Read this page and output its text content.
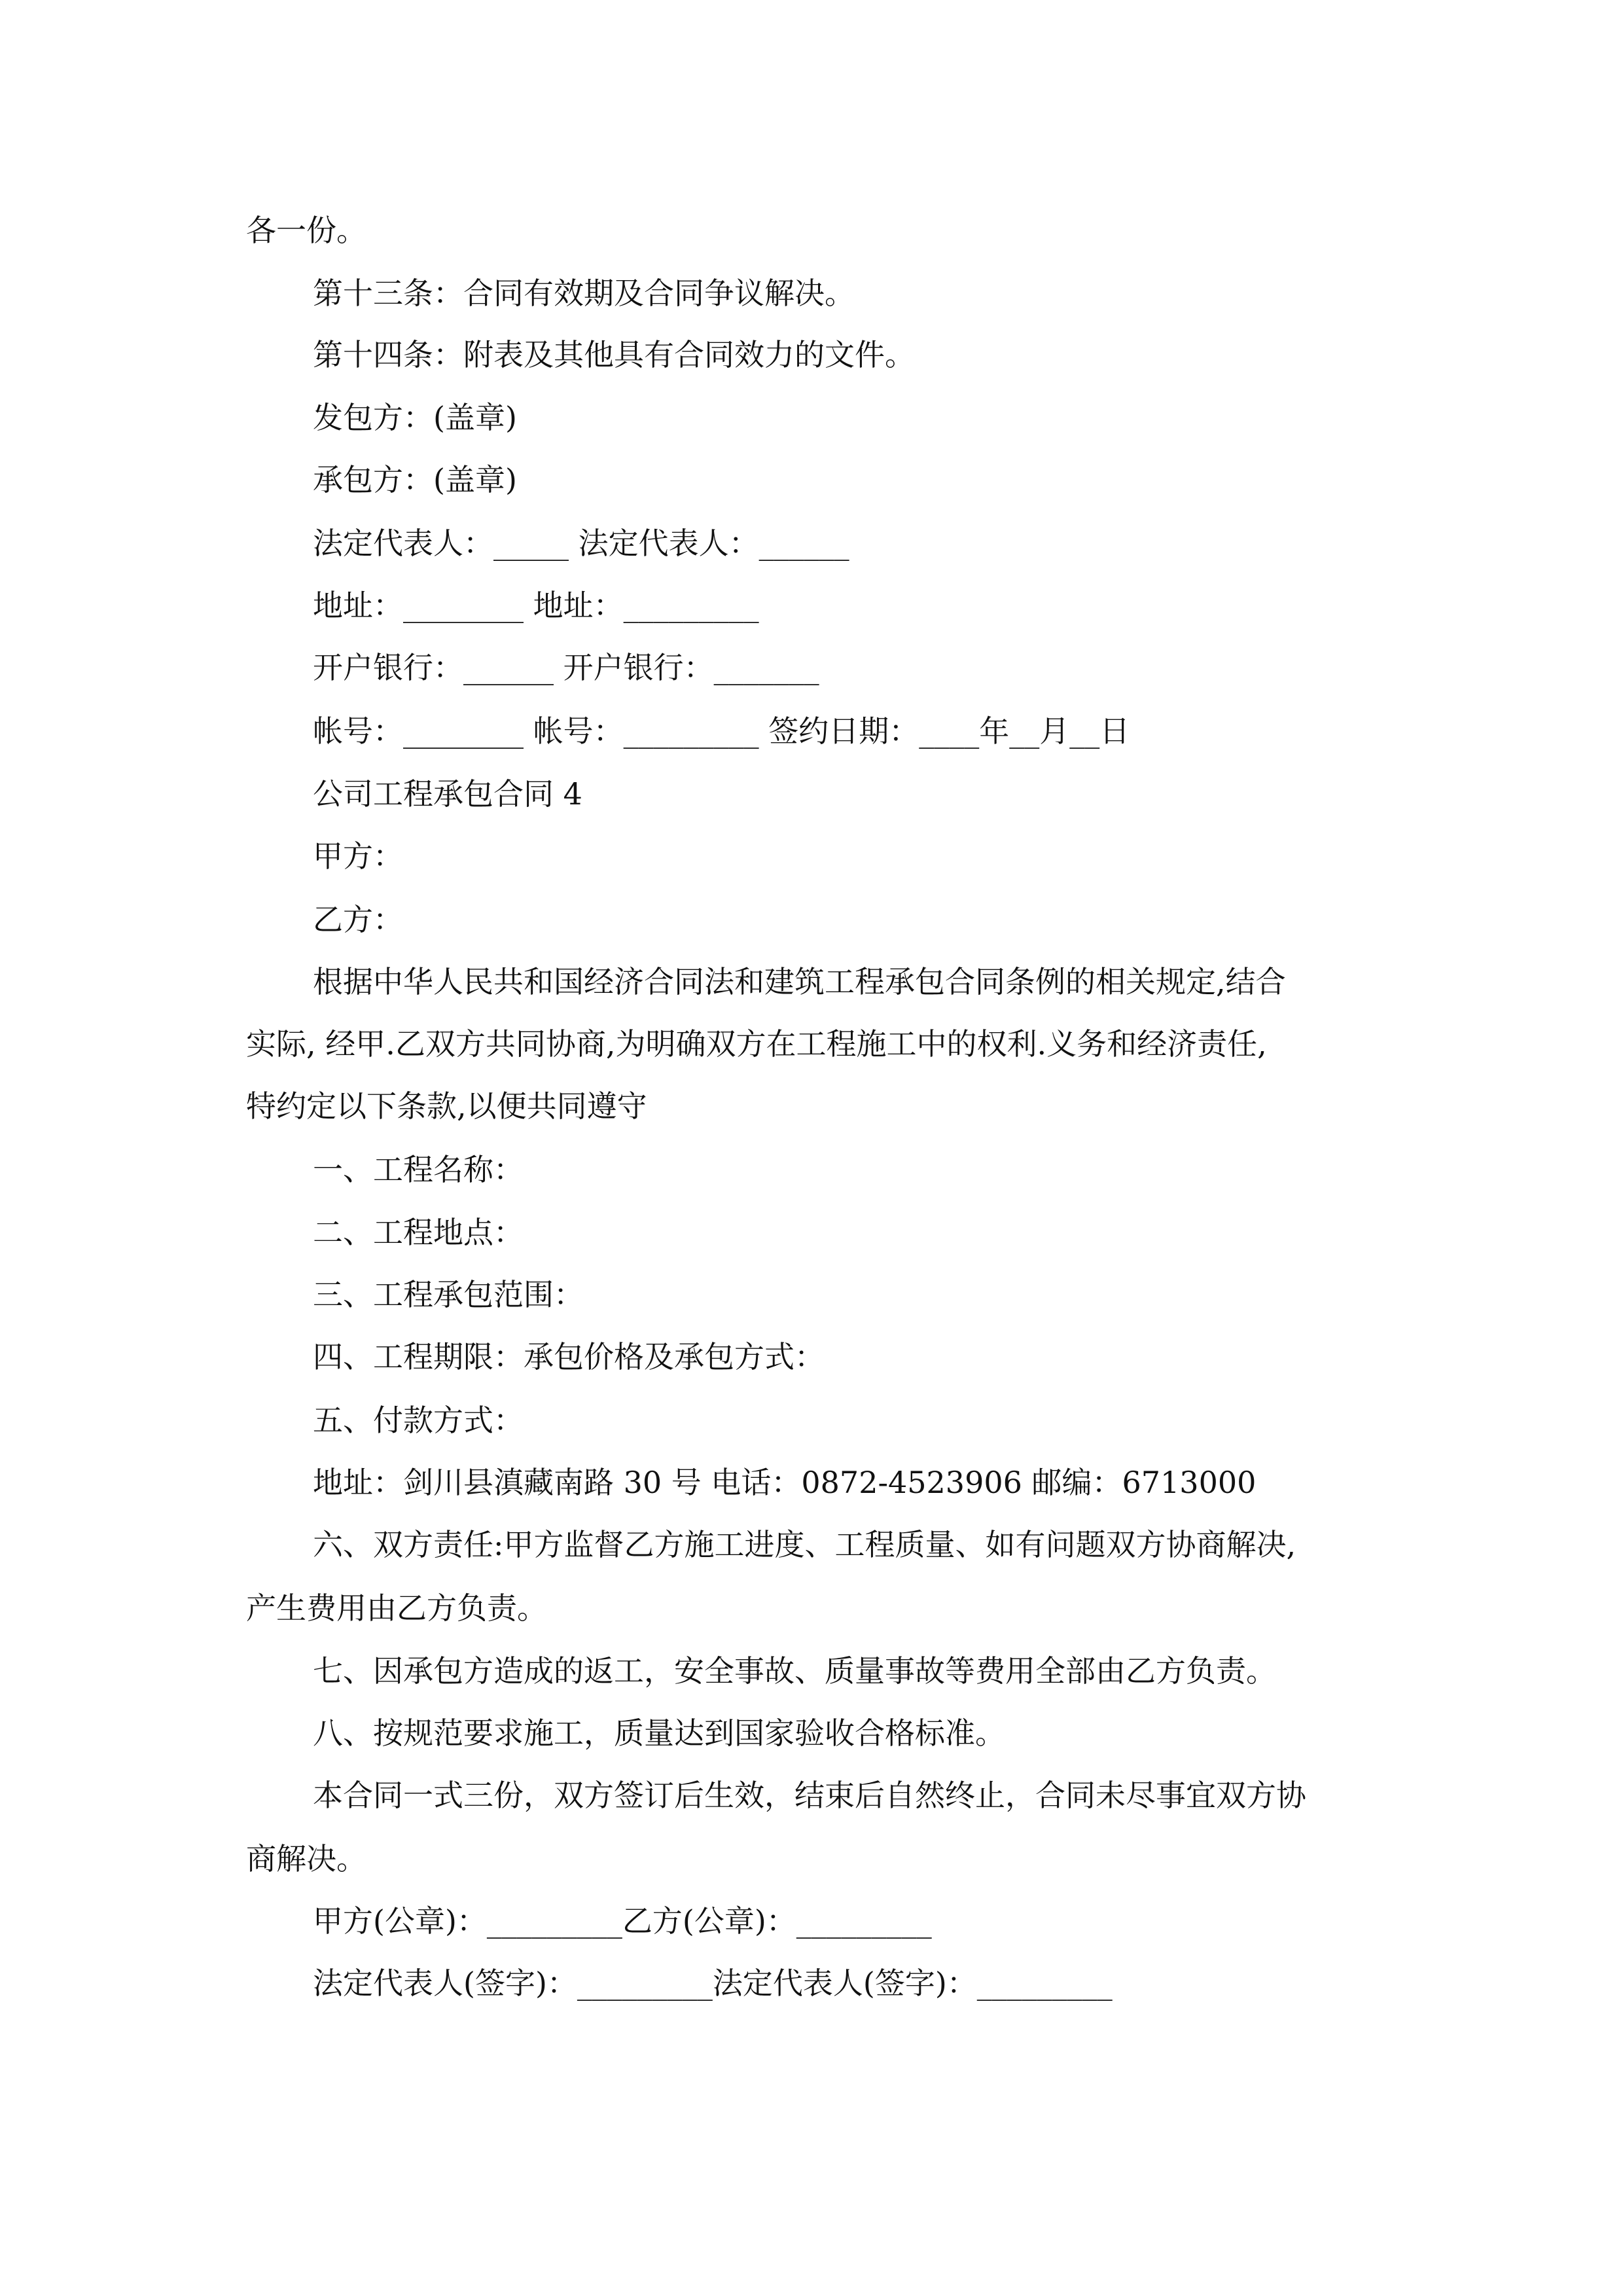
各一份。
第十三条：合同有效期及合同争议解决。
第十四条：附表及其他具有合同效力的文件。
发包方：(盖章)
承包方：(盖章)
法定代表人：_____ 法定代表人：______
地址：________ 地址：_________
开户银行：______ 开户银行：_______
帐号：________ 帐号：_________ 签约日期：____年__月__日
公司工程承包合同 4
甲方：
乙方：
根据中华人民共和国经济合同法和建筑工程承包合同条例的相关规定,结合
实际, 经甲.乙双方共同协商,为明确双方在工程施工中的权利.义务和经济责任,
特约定以下条款,以便共同遵守
一、工程名称：
二、工程地点：
三、工程承包范围：
四、工程期限：承包价格及承包方式：
五、付款方式：
地址：剑川县滇藏南路 30 号 电话：0872-4523906 邮编：6713000
六、双方责任:甲方监督乙方施工进度、工程质量、如有问题双方协商解决,
产生费用由乙方负责。
七、因承包方造成的返工，安全事故、质量事故等费用全部由乙方负责。
八、按规范要求施工，质量达到国家验收合格标准。
本合同一式三份，双方签订后生效，结束后自然终止，合同未尽事宜双方协
商解决。
甲方(公章)：_________乙方(公章)：_________
法定代表人(签字)：_________法定代表人(签字)：_________
